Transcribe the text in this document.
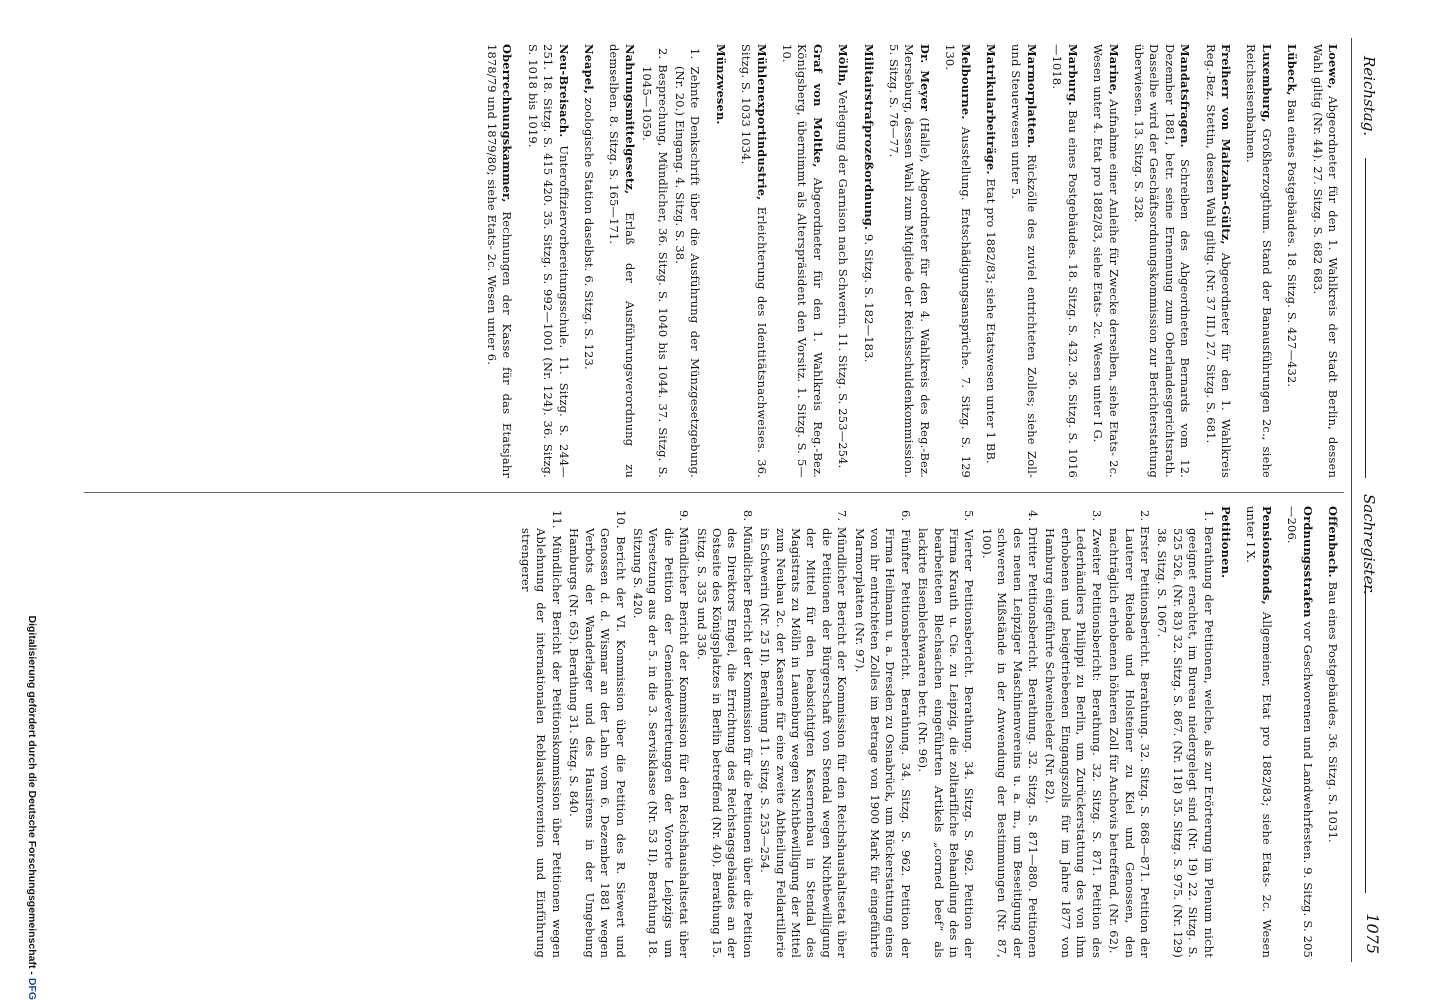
Reichstag.
Sachregister.
1075
Loewe, Abgeordneter für den 1. Wahlkreis der Stadt Berlin, dessen Wahl giltig (Nr. 44). 27. Sitzg. S. 682 683.
Lübeck, Bau eines Postgebäudes. 18. Sitzg. S. 427—432.
Luxemburg, Großherzogthum. Stand der Banausführungen 2c., siehe Reichseisenbahnen.
Freiherr von Maltzahn-Gültz, Abgeordneter für den 1. Wahlkreis Reg.-Bez. Stettin, dessen Wahl giltig. (Nr. 37 III.) 27. Sitzg. S. 681.
Mandatsfragen. Schreiben des Abgeordneten Bernards vom 12. Dezember 1881, betr. seine Ernennung zum Oberlandesgerichtsrath. Dasselbe wird der Geschäftsordnungskommission zur Berichterstattung überwiesen. 13. Sitzg. S. 328.
Marine, Aufnahme einer Anleihe für Zwecke derselben, siehe Etats- 2c. Wesen unter 4. Etat pro 1882/83, siehe Etats- 2c. Wesen unter I G.
Marburg. Bau eines Postgebäudes. 18. Sitzg. S. 432. 36. Sitzg. S. 1016—1018.
Marmorplatten. Rückzölle des zuviel entrichteten Zolles; siehe Zoll- und Steuerwesen unter 5.
Matrikularbeiträge. Etat pro 1882/83; siehe Etatswesen unter 1 BB.
Melbourne. Ausstellung. Entschädigungsansprüche. 7. Sitzg. S. 129 130.
Dr. Meyer (Halle), Abgeordneter für den 4. Wahlkreis des Reg.-Bez. Merseburg, dessen Wahl zum Mitgliede der Reichsschuldenkommission. 5. Sitzg. S. 76—77.
Militairstrafprozeßordnung. 9. Sitzg. S. 182—183.
Mölln, Verlegung der Garnison nach Schwerin. 11. Sitzg. S. 253—254.
Graf von Moltke, Abgeordneter für den 1. Wahlkreis Reg.-Bez. Königsberg, übernimmt als Alterspräsident den Vorsitz. 1. Sitzg. S. 5—10.
Mühlenexportindustrie, Erleichterung des Identitätsnachweises. 36. Sitzg. S. 1033 1034.
Münzwesen.
1. Zehnte Denkschrift über die Ausführung der Münzgesetzgebung. (Nr. 20.) Eingang. 4. Sitzg. S. 38.
2. Besprechung, Mündlicher, 36. Sitzg. S. 1040 bis 1044. 37. Sitzg. S. 1045—1059.
Nahrungsmittelgesetz, Erlaß der Ausführungsverordnung zu demselben. 8. Sitzg. S. 165—171.
Neapel, zoologische Station daselbst. 6. Sitzg. S. 123.
Neu-Breisach. Unteroffiziervorbereitungsschule. 11. Sitzg. S. 244—251. 18. Sitzg. S. 415 420. 35. Sitzg. S. 992—1001 (Nr. 124). 36. Sitzg. S. 1018 bis 1019.
Oberrechnungskammer, Rechnungen der Kasse für das Etatsjahr 1878/79 und 1879/80; siehe Etats- 2c. Wesen unter 6.
Offenbach. Bau eines Postgebäudes. 36. Sitzg. S. 1031.
Ordnungsstrafen vor Geschworenen und Landwehrfesten. 9. Sitzg. S. 205—206.
Pensionsfonds, Allgemeiner, Etat pro 1882/83; siehe Etats- 2c. Wesen unter I X.
Petitionen.
1. Berathung der Petitionen, welche, als zur Erörterung im Plenum nicht geeignet erachtet, im Bureau niedergelegt sind (Nr. 19) 22. Sitzg. S. 525 526. (Nr. 83) 32. Sitzg. S. 867. (Nr. 118) 35. Sitzg. S. 975. (Nr. 129) 38. Sitzg. S. 1067.
2. Erster Petitionsbericht. Berathung. 32. Sitzg. S. 868—871. Petition der Lauterer Riebade und Holsteiner zu Kiel und Genossen, den nachträglich erhobenen höheren Zoll für Anchovis betreffend. (Nr. 62).
3. Zweiter Petitionsbericht: Berathung. 32. Sitzg. S. 871. Petition des Lederhändlers Philippi zu Berlin, um Zurückerstattung des von ihm erhobenen und beigetriebenen Eingangszolls für im Jahre 1877 von Hamburg eingeführte Schweineleder (Nr. 82).
4. Dritter Petitionsbericht. Berathung. 32. Sitzg. S. 871—880. Petitionen des neuen Leipziger Maschinenvereins u. a. m., um Beseitigung der schweren Mißstände in der Anwendung der Bestimmungen (Nr. 87, 100).
5. Vierter Petitionsbericht. Berathung. 34. Sitzg. S. 962. Petition der Firma Krauth u. Cie. zu Leipzig, die zolltarifliche Behandlung des in bearbeiteten Blechsachen eingeführten Artikels „corned beef“ als lackirte Eisenblechwaaren betr. (Nr. 96).
6. Fünfter Petitionsbericht. Berathung. 34. Sitzg. S. 962. Petition der Firma Heilmann u. a. Dresden zu Osnabrück, um Rückerstattung eines von ihr entrichteten Zolles im Betrage von 1900 Mark für eingeführte Marmorplatten (Nr. 97).
7. Mündlicher Bericht der Kommission für den Reichshaushaltsetat über die Petitionen der Bürgerschaft von Stendal wegen Nichtbewilligung der Mittel für den beabsichtigten Kasernenbau in Stendal des Magistrats zu Mölln in Lauenburg wegen Nichtbewilligung der Mittel zum Neubau 2c. der Kaserne für eine zweite Abtheilung Feldartillerie in Schwerin (Nr. 25 II). Berathung 11. Sitzg. S. 253—254.
8. Mündlicher Bericht der Kommission für die Petitionen über die Petition des Direktors Engel, die Errichtung des Reichstagsgebäudes an der Ostseite des Königsplatzes in Berlin betreffend (Nr. 40). Berathung 15. Sitzg. S. 335 und 336.
9. Mündlicher Bericht der Kommission für den Reichshaushaltsetat über die Petition der Gemeindevertretungen der Vororte Leipzigs um Versetzung aus der 5. in die 3. Servisklasse (Nr. 53 II). Berathung 18. Sitzung S. 420.
10. Bericht der VI. Kommission über die Petition des R. Siewert und Genossen d. d. Wismar an der Lahn vom 6. Dezember 1881 wegen Verbots der Wanderlager und des Hausirens in der Umgebung Hamburgs (Nr. 65). Berathung 31. Sitzg. S. 840.
11. Mündlicher Bericht der Petitionskommission über Petitionen wegen Ablehnung der internationalen Reblauskonvention und Einführung strengerer
Digitalisierung gefördert durch die Deutsche Forschungsgemeinschaft - DFG
